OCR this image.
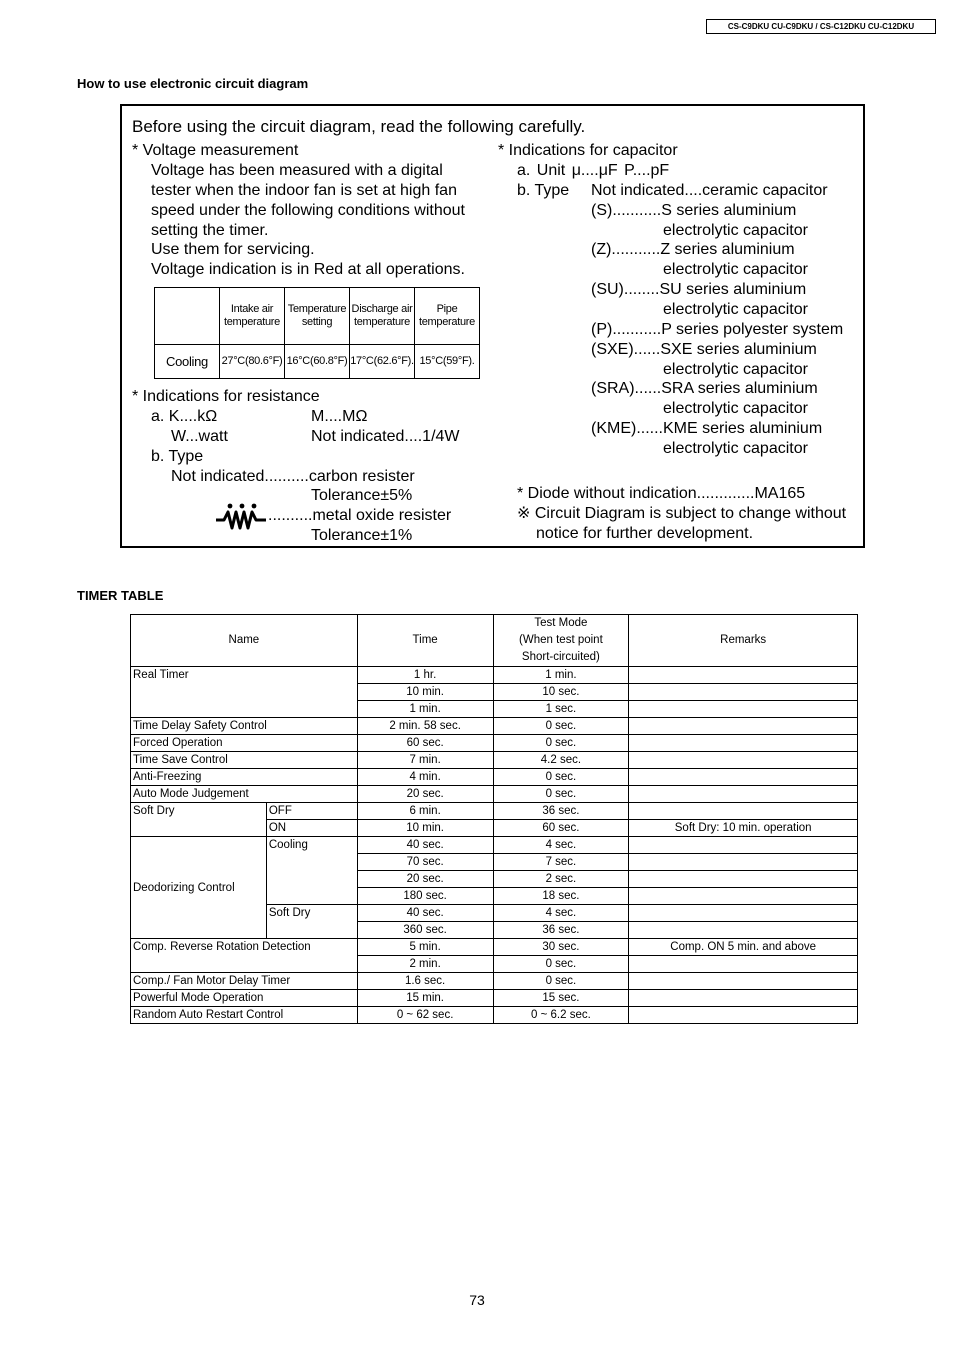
CS-C9DKU CU-C9DKU / CS-C12DKU CU-C12DKU
How to use electronic circuit diagram
Before using the circuit diagram, read the following carefully.
* Voltage measurement
Voltage has been measured with a digital
tester when the indoor fan is set at high fan
speed under the following conditions without
setting the timer.
Use them for servicing.
Voltage indication is in Red at all operations.
	Intake air temperature	Temperature setting	Discharge air temperature	Pipe temperature
Cooling	27°C(80.6°F)	16°C(60.8°F)	17°C(62.6°F).	15°C(59°F).
* Indications for resistance
a. K....kΩ	M....MΩ
W...watt	Not indicated....1/4W
b. Type
Not indicated..........carbon resister
Tolerance±5%
..........metal oxide resister
Tolerance±1%
* Indications for capacitor
a. Unit μ....μF P....pF
b. Type Not indicated....ceramic capacitor
(S)...........S series aluminium
electrolytic capacitor
(Z)...........Z series aluminium
electrolytic capacitor
(SU)........SU series aluminium
electrolytic capacitor
(P)...........P series polyester system
(SXE)......SXE series aluminium
electrolytic capacitor
(SRA)......SRA series aluminium
electrolytic capacitor
(KME)......KME series aluminium
electrolytic capacitor
* Diode without indication.............MA165
※ Circuit Diagram is subject to change without
notice for further development.
TIMER TABLE
Name		Time	Test Mode
(When test point
Short-circuited)	Remarks
Real Timer		1 hr.	1 min.	
		10 min.	10 sec.	
		1 min.	1 sec.	
Time Delay Safety Control		2 min. 58 sec.	0 sec.	
Forced Operation		60 sec.	0 sec.	
Time Save Control		7 min.	4.2 sec.	
Anti-Freezing		4 min.	0 sec.	
Auto Mode Judgement		20 sec.	0 sec.	
Soft Dry	OFF	6 min.	36 sec.	
	ON	10 min.	60 sec.	Soft Dry: 10 min. operation
Deodorizing Control	Cooling	40 sec.	4 sec.	
		70 sec.	7 sec.	
		20 sec.	2 sec.	
		180 sec.	18 sec.	
	Soft Dry	40 sec.	4 sec.	
		360 sec.	36 sec.	
Comp. Reverse Rotation Detection		5 min.	30 sec.	Comp. ON 5 min. and above
		2 min.	0 sec.	
Comp./ Fan Motor Delay Timer		1.6 sec.	0 sec.	
Powerful Mode Operation		15 min.	15 sec.	
Random Auto Restart Control		0 ~ 62 sec.	0 ~ 6.2 sec.	
73
